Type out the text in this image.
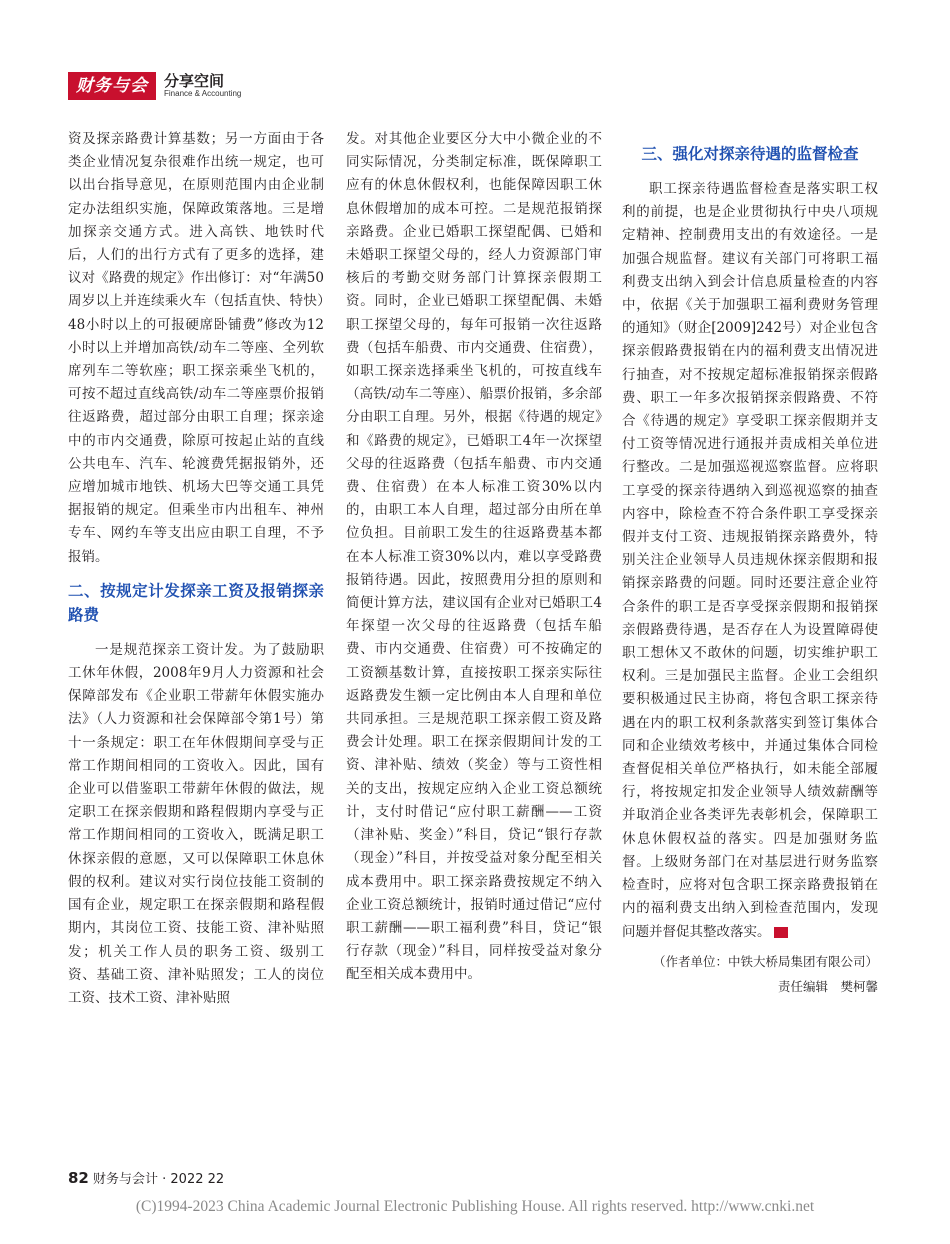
财务与会计
分享空间
Finance & Accounting

资及探亲路费计算基数；另一方面由于各类企业情况复杂很难作出统一规定，也可以出台指导意见，在原则范围内由企业制定办法组织实施，保障政策落地。三是增加探亲交通方式。进入高铁、地铁时代后，人们的出行方式有了更多的选择，建议对《路费的规定》作出修订：对“年满50周岁以上并连续乘火车（包括直快、特快）48小时以上的可报硬席卧铺费”修改为12小时以上并增加高铁/动车二等座、全列软席列车二等软座；职工探亲乘坐飞机的，可按不超过直线高铁/动车二等座票价报销往返路费，超过部分由职工自理；探亲途中的市内交通费，除原可按起止站的直线公共电车、汽车、轮渡费凭据报销外，还应增加城市地铁、机场大巴等交通工具凭据报销的规定。但乘坐市内出租车、神州专车、网约车等支出应由职工自理，不予报销。

二、按规定计发探亲工资及报销探亲路费

一是规范探亲工资计发。为了鼓励职工休年休假，2008年9月人力资源和社会保障部发布《企业职工带薪年休假实施办法》（人力资源和社会保障部令第1号）第十一条规定：职工在年休假期间享受与正常工作期间相同的工资收入。因此，国有企业可以借鉴职工带薪年休假的做法，规定职工在探亲假期和路程假期内享受与正常工作期间相同的工资收入，既满足职工休探亲假的意愿，又可以保障职工休息休假的权利。建议对实行岗位技能工资制的国有企业，规定职工在探亲假期和路程假期内，其岗位工资、技能工资、津补贴照发；机关工作人员的职务工资、级别工资、基础工资、津补贴照发；工人的岗位工资、技术工资、津补贴照

发。对其他企业要区分大中小微企业的不同实际情况，分类制定标准，既保障职工应有的休息休假权利，也能保障因职工休息休假增加的成本可控。二是规范报销探亲路费。企业已婚职工探望配偶、已婚和未婚职工探望父母的，经人力资源部门审核后的考勤交财务部门计算探亲假期工资。同时，企业已婚职工探望配偶、未婚职工探望父母的，每年可报销一次往返路费（包括车船费、市内交通费、住宿费），如职工探亲选择乘坐飞机的，可按直线车（高铁/动车二等座）、船票价报销，多余部分由职工自理。另外，根据《待遇的规定》和《路费的规定》，已婚职工4年一次探望父母的往返路费（包括车船费、市内交通费、住宿费）在本人标准工资30%以内的，由职工本人自理，超过部分由所在单位负担。目前职工发生的往返路费基本都在本人标准工资30%以内，难以享受路费报销待遇。因此，按照费用分担的原则和简便计算方法，建议国有企业对已婚职工4年探望一次父母的往返路费（包括车船费、市内交通费、住宿费）可不按确定的工资额基数计算，直接按职工探亲实际往返路费发生额一定比例由本人自理和单位共同承担。三是规范职工探亲假工资及路费会计处理。职工在探亲假期间计发的工资、津补贴、绩效（奖金）等与工资性相关的支出，按规定应纳入企业工资总额统计，支付时借记“应付职工薪酬——工资（津补贴、奖金）”科目，贷记“银行存款（现金）”科目，并按受益对象分配至相关成本费用中。职工探亲路费按规定不纳入企业工资总额统计，报销时通过借记“应付职工薪酬——职工福利费”科目，贷记“银行存款（现金）”科目，同样按受益对象分配至相关成本费用中。

三、强化对探亲待遇的监督检查

职工探亲待遇监督检查是落实职工权利的前提，也是企业贯彻执行中央八项规定精神、控制费用支出的有效途径。一是加强合规监督。建议有关部门可将职工福利费支出纳入到会计信息质量检查的内容中，依据《关于加强职工福利费财务管理的通知》（财企[2009]242号）对企业包含探亲假路费报销在内的福利费支出情况进行抽查，对不按规定超标准报销探亲假路费、职工一年多次报销探亲假路费、不符合《待遇的规定》享受职工探亲假期并支付工资等情况进行通报并责成相关单位进行整改。二是加强巡视巡察监督。应将职工享受的探亲待遇纳入到巡视巡察的抽查内容中，除检查不符合条件职工享受探亲假并支付工资、违规报销探亲路费外，特别关注企业领导人员违规休探亲假期和报销探亲路费的问题。同时还要注意企业符合条件的职工是否享受探亲假期和报销探亲假路费待遇，是否存在人为设置障碍使职工想休又不敢休的问题，切实维护职工权利。三是加强民主监督。企业工会组织要积极通过民主协商，将包含职工探亲待遇在内的职工权利条款落实到签订集体合同和企业绩效考核中，并通过集体合同检查督促相关单位严格执行，如未能全部履行，将按规定扣发企业领导人绩效薪酬等并取消企业各类评先表彰机会，保障职工休息休假权益的落实。四是加强财务监督。上级财务部门在对基层进行财务监察检查时，应将对包含职工探亲路费报销在内的福利费支出纳入到检查范围内，发现问题并督促其整改落实。	FA

（作者单位：中铁大桥局集团有限公司）

责任编辑　樊柯馨

82 财务与会计 · 2022 22
(C)1994-2023 China Academic Journal Electronic Publishing House. All rights reserved. http://www.cnki.net
